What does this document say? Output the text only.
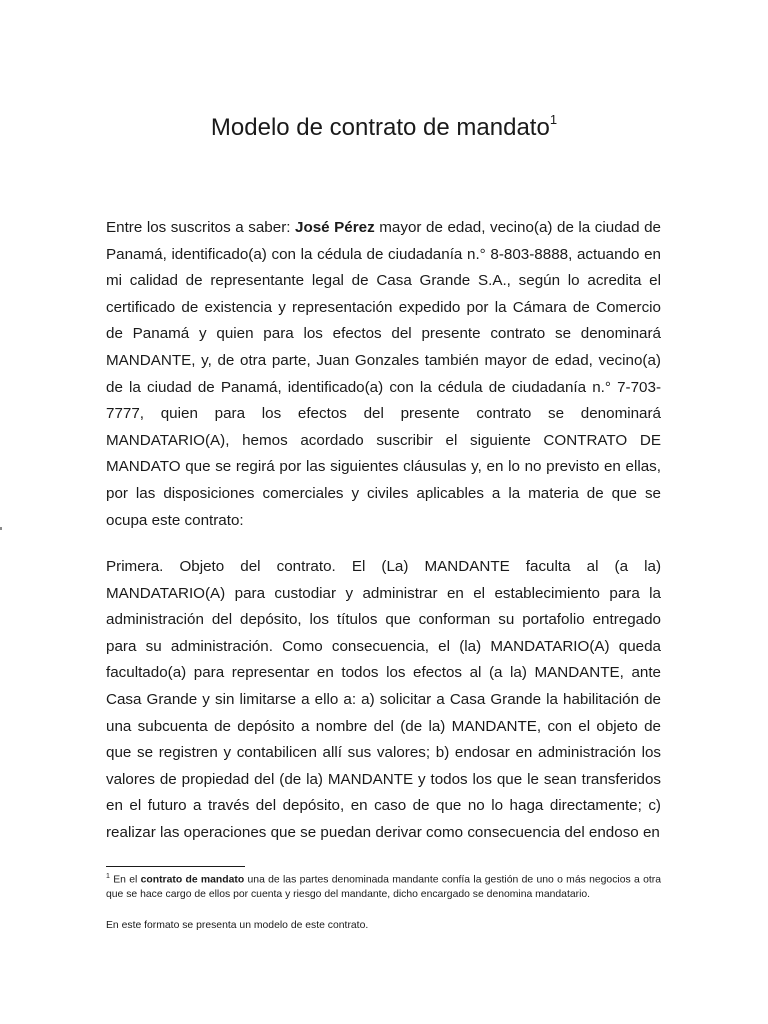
Modelo de contrato de mandato$^1$

Entre los suscritos a saber: José Pérez mayor de edad, vecino(a) de la ciudad de Panamá, identificado(a) con la cédula de ciudadanía n.° 8-803-8888, actuando en mi calidad de representante legal de Casa Grande S.A., según lo acredita el certificado de existencia y representación expedido por la Cámara de Comercio de Panamá y quien para los efectos del presente contrato se denominará MANDANTE, y, de otra parte, Juan Gonzales también mayor de edad, vecino(a) de la ciudad de Panamá, identificado(a) con la cédula de ciudadanía n.° 7-703-7777, quien para los efectos del presente contrato se denominará MANDATARIO(A), hemos acordado suscribir el siguiente CONTRATO DE MANDATO que se regirá por las siguientes cláusulas y, en lo no previsto en ellas, por las disposiciones comerciales y civiles aplicables a la materia de que se ocupa este contrato:

Primera. Objeto del contrato. El (La) MANDANTE faculta al (a la) MANDATARIO(A) para custodiar y administrar en el establecimiento para la administración del depósito, los títulos que conforman su portafolio entregado para su administración. Como consecuencia, el (la) MANDATARIO(A) queda facultado(a) para representar en todos los efectos al (a la) MANDANTE, ante Casa Grande y sin limitarse a ello a: a) solicitar a Casa Grande la habilitación de una subcuenta de depósito a nombre del (de la) MANDANTE, con el objeto de que se registren y contabilicen allí sus valores; b) endosar en administración los valores de propiedad del (de la) MANDANTE y todos los que le sean transferidos en el futuro a través del depósito, en caso de que no lo haga directamente; c) realizar las operaciones que se puedan derivar como consecuencia del endoso en

$^1$ En el contrato de mandato una de las partes denominada mandante confía la gestión de uno o más negocios a otra que se hace cargo de ellos por cuenta y riesgo del mandante, dicho encargado se denomina mandatario.

En este formato se presenta un modelo de este contrato.
